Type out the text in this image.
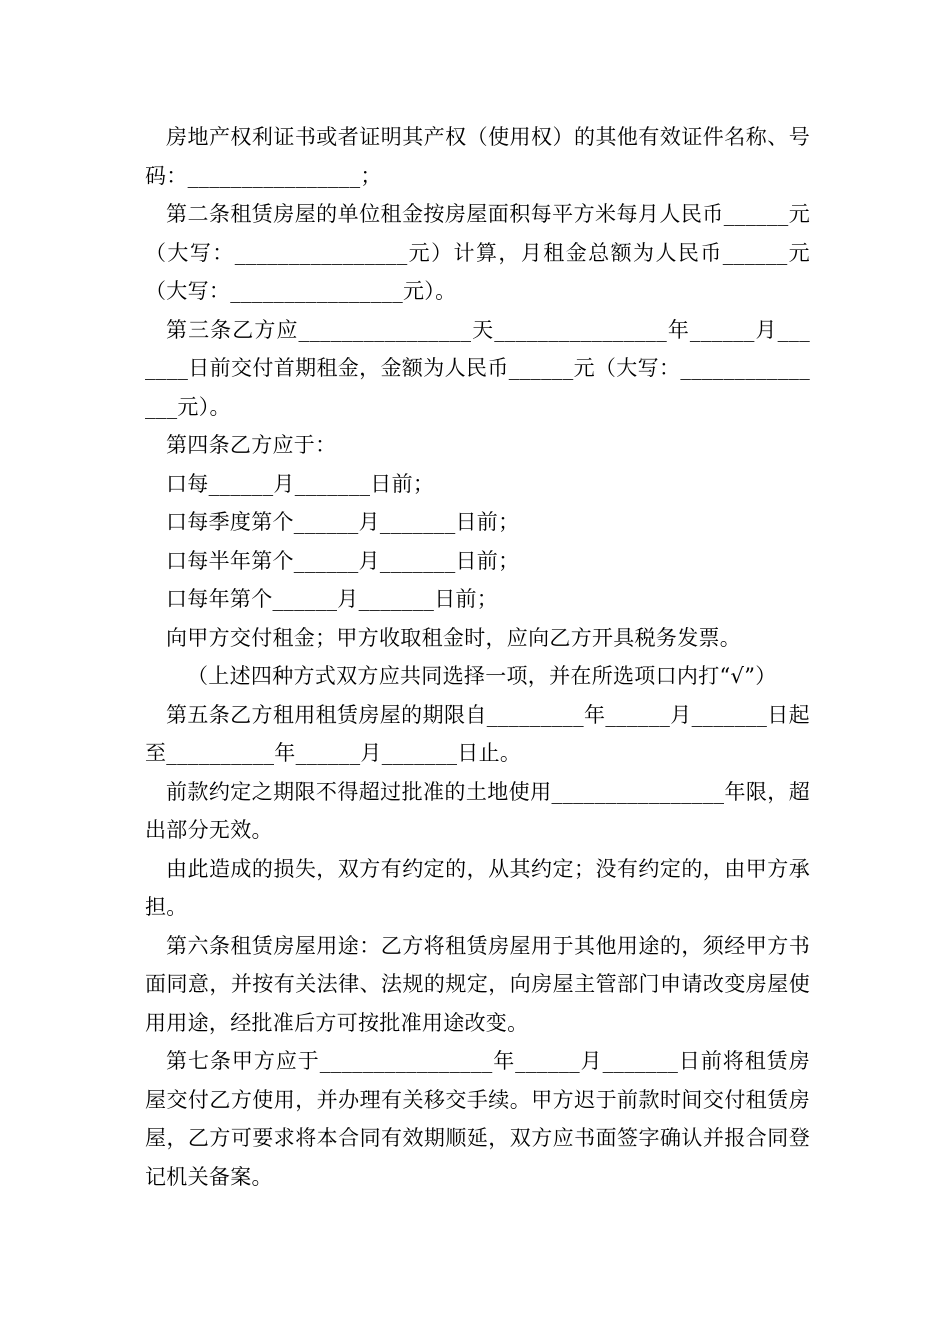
房地产权利证书或者证明其产权（使用权）的其他有效证件名称、号码：________________；

第二条租赁房屋的单位租金按房屋面积每平方米每月人民币______元（大写：________________元）计算，月租金总额为人民币______元（大写：________________元）。

第三条乙方应________________天________________年______月_______日前交付首期租金，金额为人民币______元（大写：_______________元）。

第四条乙方应于：

口每______月_______日前；

口每季度第个______月_______日前；

口每半年第个______月_______日前；

口每年第个______月_______日前；

向甲方交付租金；甲方收取租金时，应向乙方开具税务发票。

（上述四种方式双方应共同选择一项，并在所选项口内打“√”）

第五条乙方租用租赁房屋的期限自_________年______月_______日起至__________年______月_______日止。

前款约定之期限不得超过批准的土地使用________________年限，超出部分无效。

由此造成的损失，双方有约定的，从其约定；没有约定的，由甲方承担。

第六条租赁房屋用途：乙方将租赁房屋用于其他用途的，须经甲方书面同意，并按有关法律、法规的规定，向房屋主管部门申请改变房屋使用用途，经批准后方可按批准用途改变。

第七条甲方应于________________年______月_______日前将租赁房屋交付乙方使用，并办理有关移交手续。甲方迟于前款时间交付租赁房屋，乙方可要求将本合同有效期顺延，双方应书面签字确认并报合同登记机关备案。
